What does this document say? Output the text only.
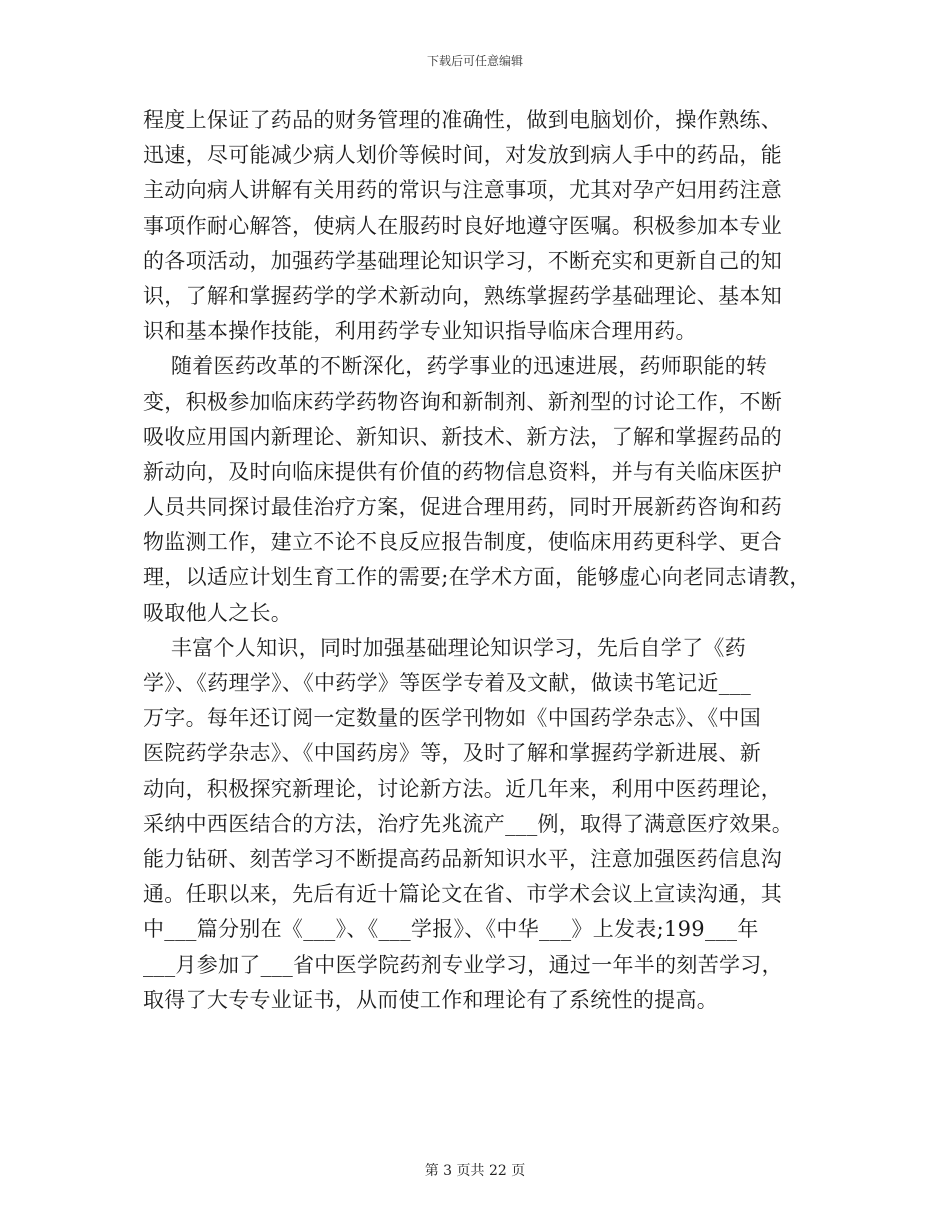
下载后可任意编辑
程度上保证了药品的财务管理的准确性，做到电脑划价，操作熟练、
迅速，尽可能减少病人划价等候时间，对发放到病人手中的药品，能
主动向病人讲解有关用药的常识与注意事项，尤其对孕产妇用药注意
事项作耐心解答，使病人在服药时良好地遵守医嘱。积极参加本专业
的各项活动，加强药学基础理论知识学习，不断充实和更新自己的知
识，了解和掌握药学的学术新动向，熟练掌握药学基础理论、基本知
识和基本操作技能，利用药学专业知识指导临床合理用药。
随着医药改革的不断深化，药学事业的迅速进展，药师职能的转
变，积极参加临床药学药物咨询和新制剂、新剂型的讨论工作，不断
吸收应用国内新理论、新知识、新技术、新方法，了解和掌握药品的
新动向，及时向临床提供有价值的药物信息资料，并与有关临床医护
人员共同探讨最佳治疗方案，促进合理用药，同时开展新药咨询和药
物监测工作，建立不论不良反应报告制度，使临床用药更科学、更合
理，以适应计划生育工作的需要;在学术方面，能够虚心向老同志请教，
吸取他人之长。
丰富个人知识，同时加强基础理论知识学习，先后自学了《药
学》、《药理学》、《中药学》等医学专着及文献，做读书笔记近___
万字。每年还订阅一定数量的医学刊物如《中国药学杂志》、《中国
医院药学杂志》、《中国药房》等，及时了解和掌握药学新进展、新
动向，积极探究新理论，讨论新方法。近几年来，利用中医药理论，
采纳中西医结合的方法，治疗先兆流产___例，取得了满意医疗效果。
能力钻研、刻苦学习不断提高药品新知识水平，注意加强医药信息沟
通。任职以来，先后有近十篇论文在省、市学术会议上宣读沟通，其
中___篇分别在《___》、《___学报》、《中华___》上发表;199___年
___月参加了___省中医学院药剂专业学习，通过一年半的刻苦学习，
取得了大专专业证书，从而使工作和理论有了系统性的提高。
第 3 页共 22 页
